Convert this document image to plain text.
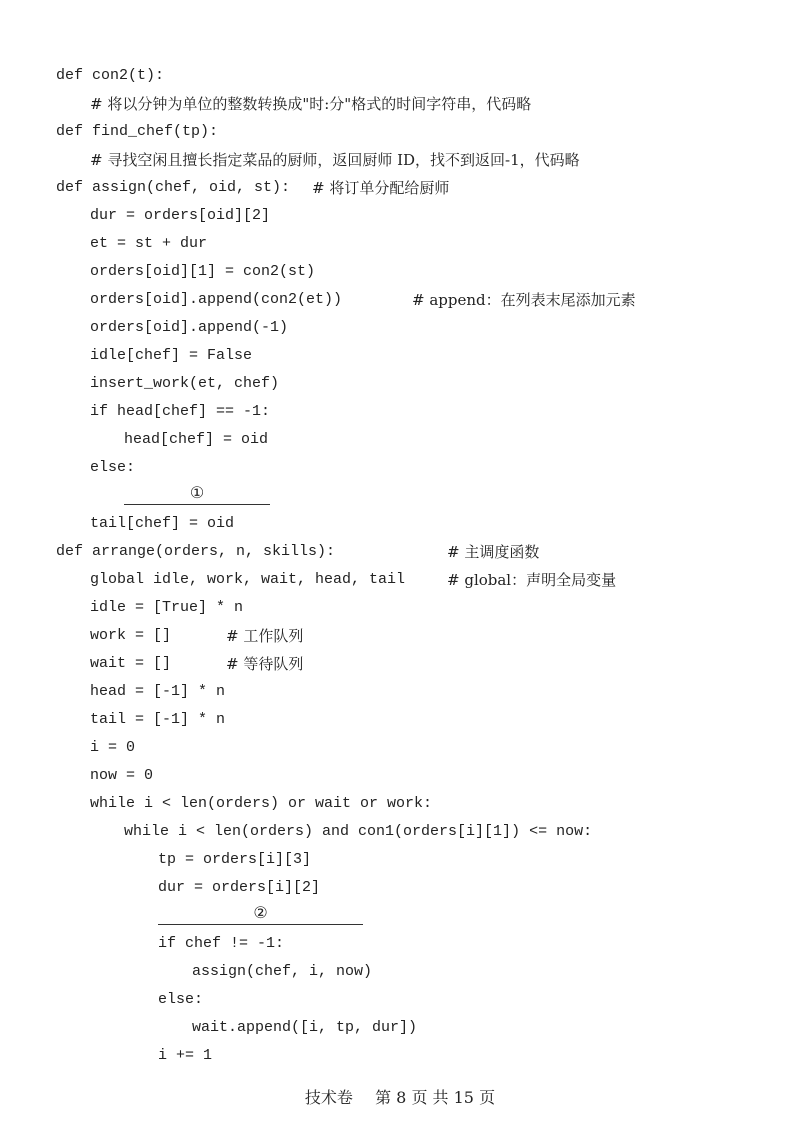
def con2(t):
# 将以分钟为单位的整数转换成"时:分"格式的时间字符串，代码略
def find_chef(tp):
# 寻找空闲且擅长指定菜品的厨师，返回厨师 ID，找不到返回-1，代码略
def assign(chef, oid, st): # 将订单分配给厨师
dur = orders[oid][2]
et = st + dur
orders[oid][1] = con2(st)
orders[oid].append(con2(et))	# append：在列表末尾添加元素
orders[oid].append(-1)
idle[chef] = False
insert_work(et, chef)
if head[chef] == -1:
head[chef] = oid
else:
①
tail[chef] = oid
def arrange(orders, n, skills):	# 主调度函数
global idle, work, wait, head, tail	# global：声明全局变量
idle = [True] * n
work = []	# 工作队列
wait = []	# 等待队列
head = [-1] * n
tail = [-1] * n
i = 0
now = 0
while i < len(orders) or wait or work:
while i < len(orders) and con1(orders[i][1]) <= now:
tp = orders[i][3]
dur = orders[i][2]
②
if chef != -1:
assign(chef, i, now)
else:
wait.append([i, tp, dur])
i += 1
技术卷 第 8 页 共 15 页
